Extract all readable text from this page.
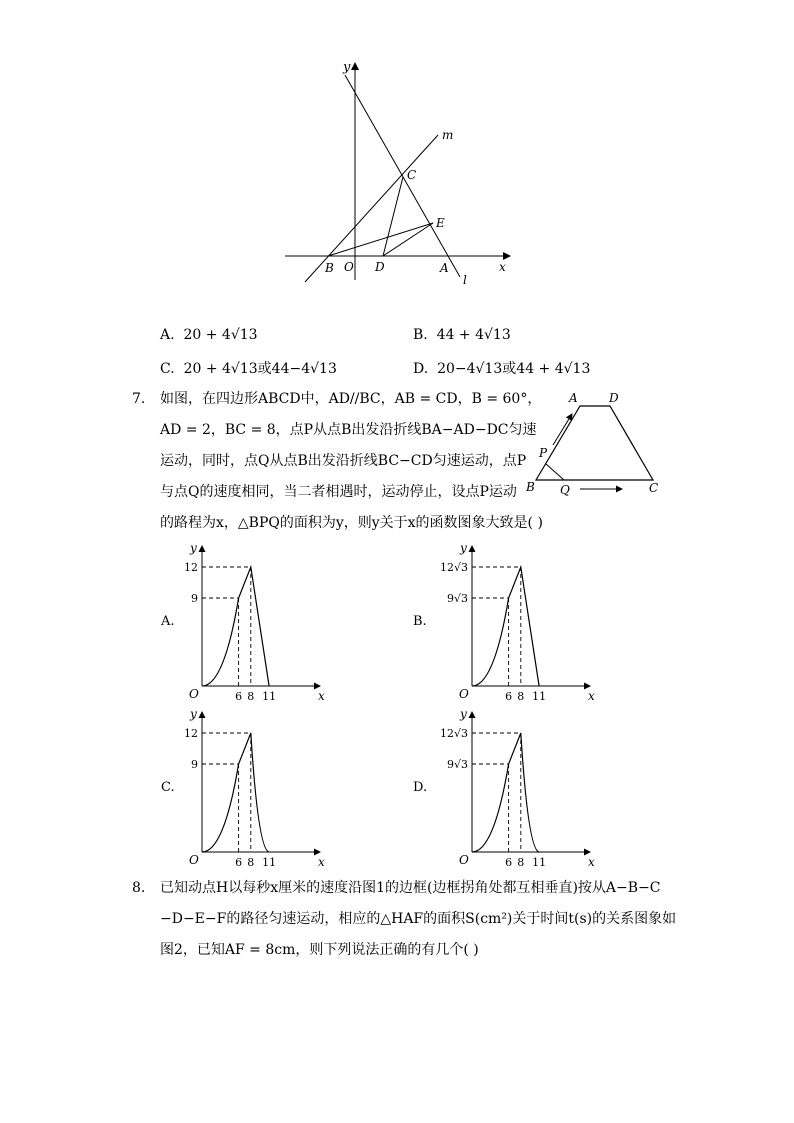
y
m
C
E
B O D	A	x
l
A. 20 + 4√13	B. 44 + 4√13
C. 20 + 4√13或44−4√13	D. 20−4√13或44 + 4√13
7. 如图，在四边形ABCD中，AD//BC，AB = CD，B = 60°，
AD = 2，BC = 8，点P从点B出发沿折线BA−AD−DC匀速
运动，同时，点Q从点B出发沿折线BC−CD匀速运动，点P
与点Q的速度相同，当二者相遇时，运动停止，设点P运动
的路程为x，△BPQ的面积为y，则y关于x的函数图象大致是( )
A	D
P
B Q	C
A.	B.
C.	D.
12
9
6 8 11
O	x
y
12√3
9√3
6 8 11
O	x
y
12
9
6 8 11
O	x
y
12√3
9√3
6 8 11
O	x
y
8. 已知动点H以每秒x厘米的速度沿图1的边框(边框拐角处都互相垂直)按从A−B−C
−D−E−F的路径匀速运动，相应的△HAF的面积S(cm²)关于时间t(s)的关系图象如
图2，已知AF = 8cm，则下列说法正确的有几个( )
